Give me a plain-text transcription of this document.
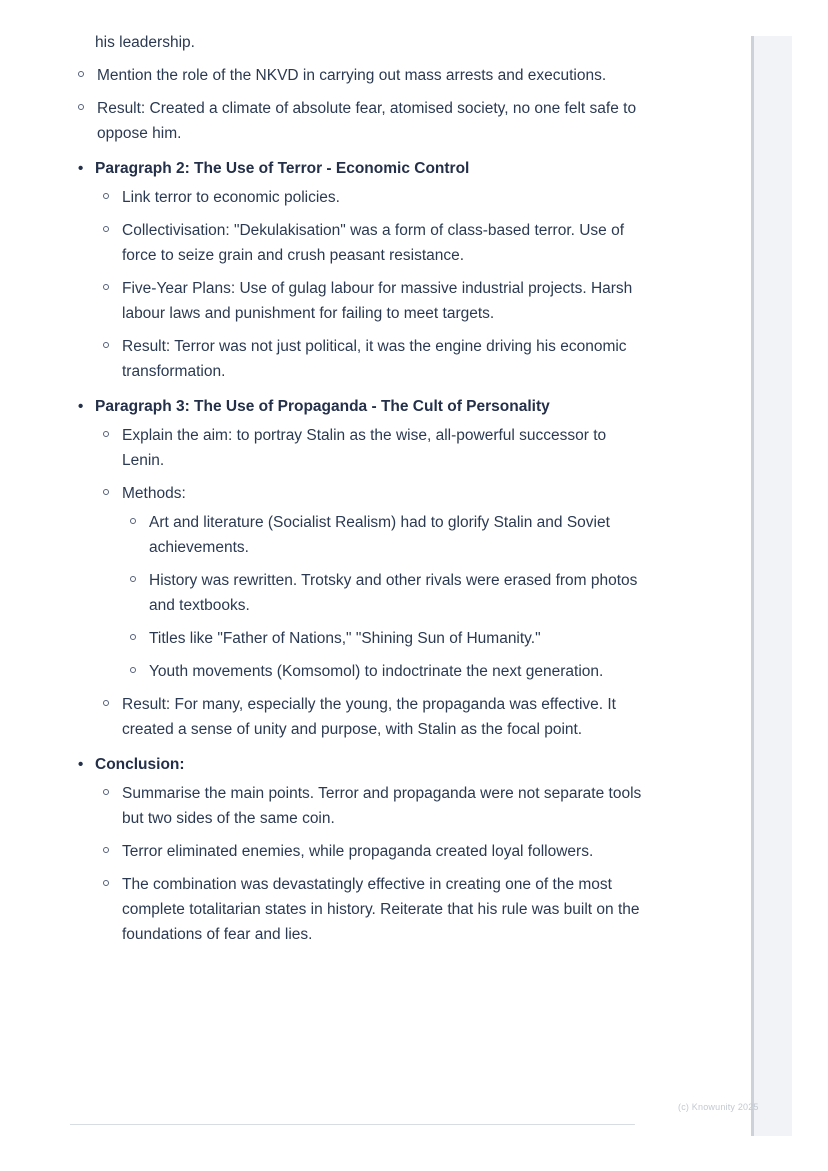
his leadership.
Mention the role of the NKVD in carrying out mass arrests and executions.
Result: Created a climate of absolute fear, atomised society, no one felt safe to oppose him.
• Paragraph 2: The Use of Terror - Economic Control
Link terror to economic policies.
Collectivisation: "Dekulakisation" was a form of class-based terror. Use of force to seize grain and crush peasant resistance.
Five-Year Plans: Use of gulag labour for massive industrial projects. Harsh labour laws and punishment for failing to meet targets.
Result: Terror was not just political, it was the engine driving his economic transformation.
• Paragraph 3: The Use of Propaganda - The Cult of Personality
Explain the aim: to portray Stalin as the wise, all-powerful successor to Lenin.
Methods:
Art and literature (Socialist Realism) had to glorify Stalin and Soviet achievements.
History was rewritten. Trotsky and other rivals were erased from photos and textbooks.
Titles like "Father of Nations," "Shining Sun of Humanity."
Youth movements (Komsomol) to indoctrinate the next generation.
Result: For many, especially the young, the propaganda was effective. It created a sense of unity and purpose, with Stalin as the focal point.
• Conclusion:
Summarise the main points. Terror and propaganda were not separate tools but two sides of the same coin.
Terror eliminated enemies, while propaganda created loyal followers.
The combination was devastatingly effective in creating one of the most complete totalitarian states in history. Reiterate that his rule was built on the foundations of fear and lies.
(c) Knowunity 2025
